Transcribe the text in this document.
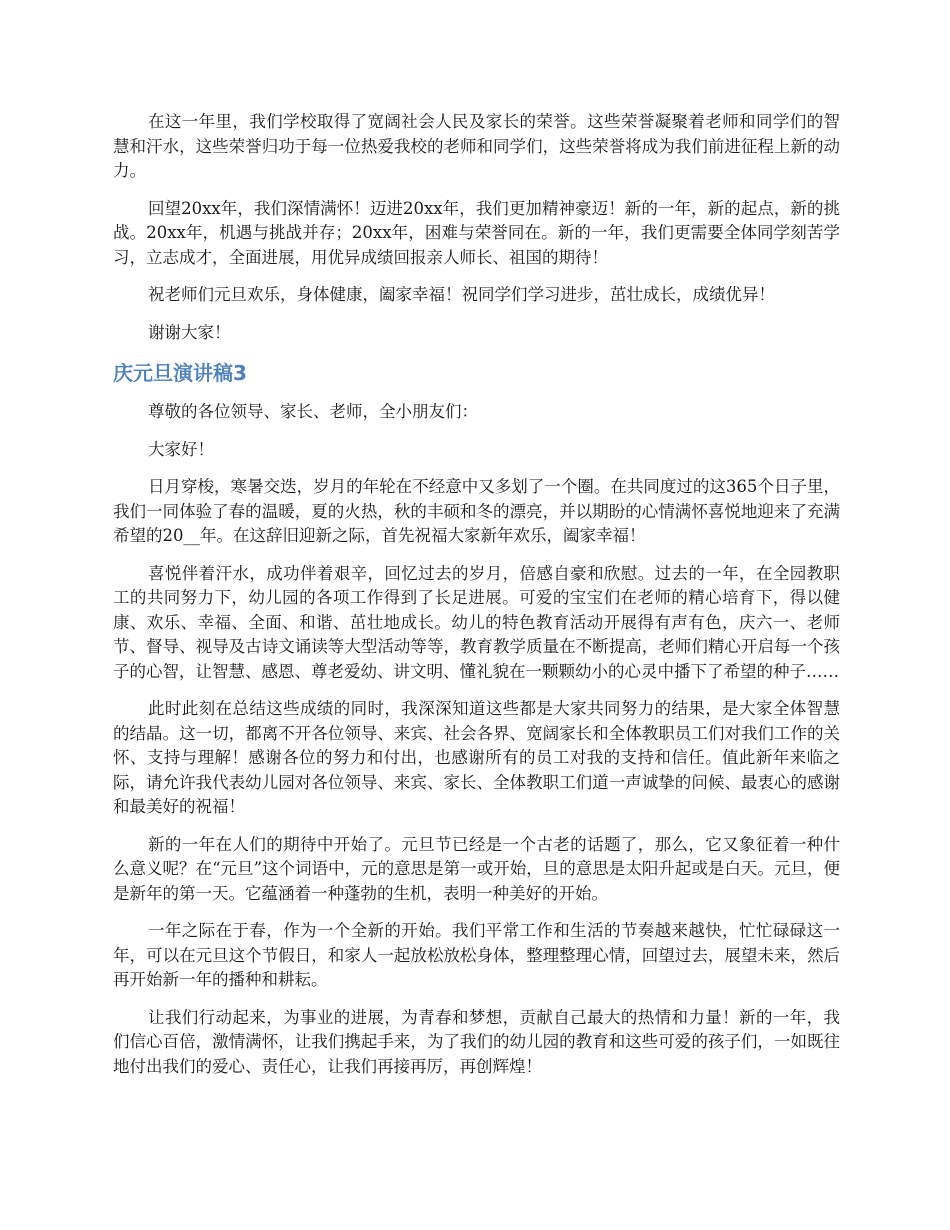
在这一年里，我们学校取得了宽阔社会人民及家长的荣誉。这些荣誉凝聚着老师和同学们的智慧和汗水，这些荣誉归功于每一位热爱我校的老师和同学们，这些荣誉将成为我们前进征程上新的动力。

回望20xx年，我们深情满怀！迈进20xx年，我们更加精神豪迈！新的一年，新的起点，新的挑战。20xx年，机遇与挑战并存；20xx年，困难与荣誉同在。新的一年，我们更需要全体同学刻苦学习，立志成才，全面进展，用优异成绩回报亲人师长、祖国的期待！

祝老师们元旦欢乐，身体健康，阖家幸福！祝同学们学习进步，茁壮成长，成绩优异！

谢谢大家！

庆元旦演讲稿3

尊敬的各位领导、家长、老师，全小朋友们：

大家好！

日月穿梭，寒暑交迭，岁月的年轮在不经意中又多划了一个圈。在共同度过的这365个日子里，我们一同体验了春的温暖，夏的火热，秋的丰硕和冬的漂亮，并以期盼的心情满怀喜悦地迎来了充满希望的20__年。在这辞旧迎新之际，首先祝福大家新年欢乐，阖家幸福！

喜悦伴着汗水，成功伴着艰辛，回忆过去的岁月，倍感自豪和欣慰。过去的一年，在全园教职工的共同努力下，幼儿园的各项工作得到了长足进展。可爱的宝宝们在老师的精心培育下，得以健康、欢乐、幸福、全面、和谐、茁壮地成长。幼儿的特色教育活动开展得有声有色，庆六一、老师节、督导、视导及古诗文诵读等大型活动等等，教育教学质量在不断提高，老师们精心开启每一个孩子的心智，让智慧、感恩、尊老爱幼、讲文明、懂礼貌在一颗颗幼小的心灵中播下了希望的种子……

此时此刻在总结这些成绩的同时，我深深知道这些都是大家共同努力的结果，是大家全体智慧的结晶。这一切，都离不开各位领导、来宾、社会各界、宽阔家长和全体教职员工们对我们工作的关怀、支持与理解！感谢各位的努力和付出，也感谢所有的员工对我的支持和信任。值此新年来临之际，请允许我代表幼儿园对各位领导、来宾、家长、全体教职工们道一声诚挚的问候、最衷心的感谢和最美好的祝福！

新的一年在人们的期待中开始了。元旦节已经是一个古老的话题了，那么，它又象征着一种什么意义呢？在“元旦”这个词语中，元的意思是第一或开始，旦的意思是太阳升起或是白天。元旦，便是新年的第一天。它蕴涵着一种蓬勃的生机，表明一种美好的开始。

一年之际在于春，作为一个全新的开始。我们平常工作和生活的节奏越来越快，忙忙碌碌这一年，可以在元旦这个节假日，和家人一起放松放松身体，整理整理心情，回望过去，展望未来，然后再开始新一年的播种和耕耘。

让我们行动起来，为事业的进展，为青春和梦想，贡献自己最大的热情和力量！新的一年，我们信心百倍，激情满怀，让我们携起手来，为了我们的幼儿园的教育和这些可爱的孩子们，一如既往地付出我们的爱心、责任心，让我们再接再厉，再创辉煌！
